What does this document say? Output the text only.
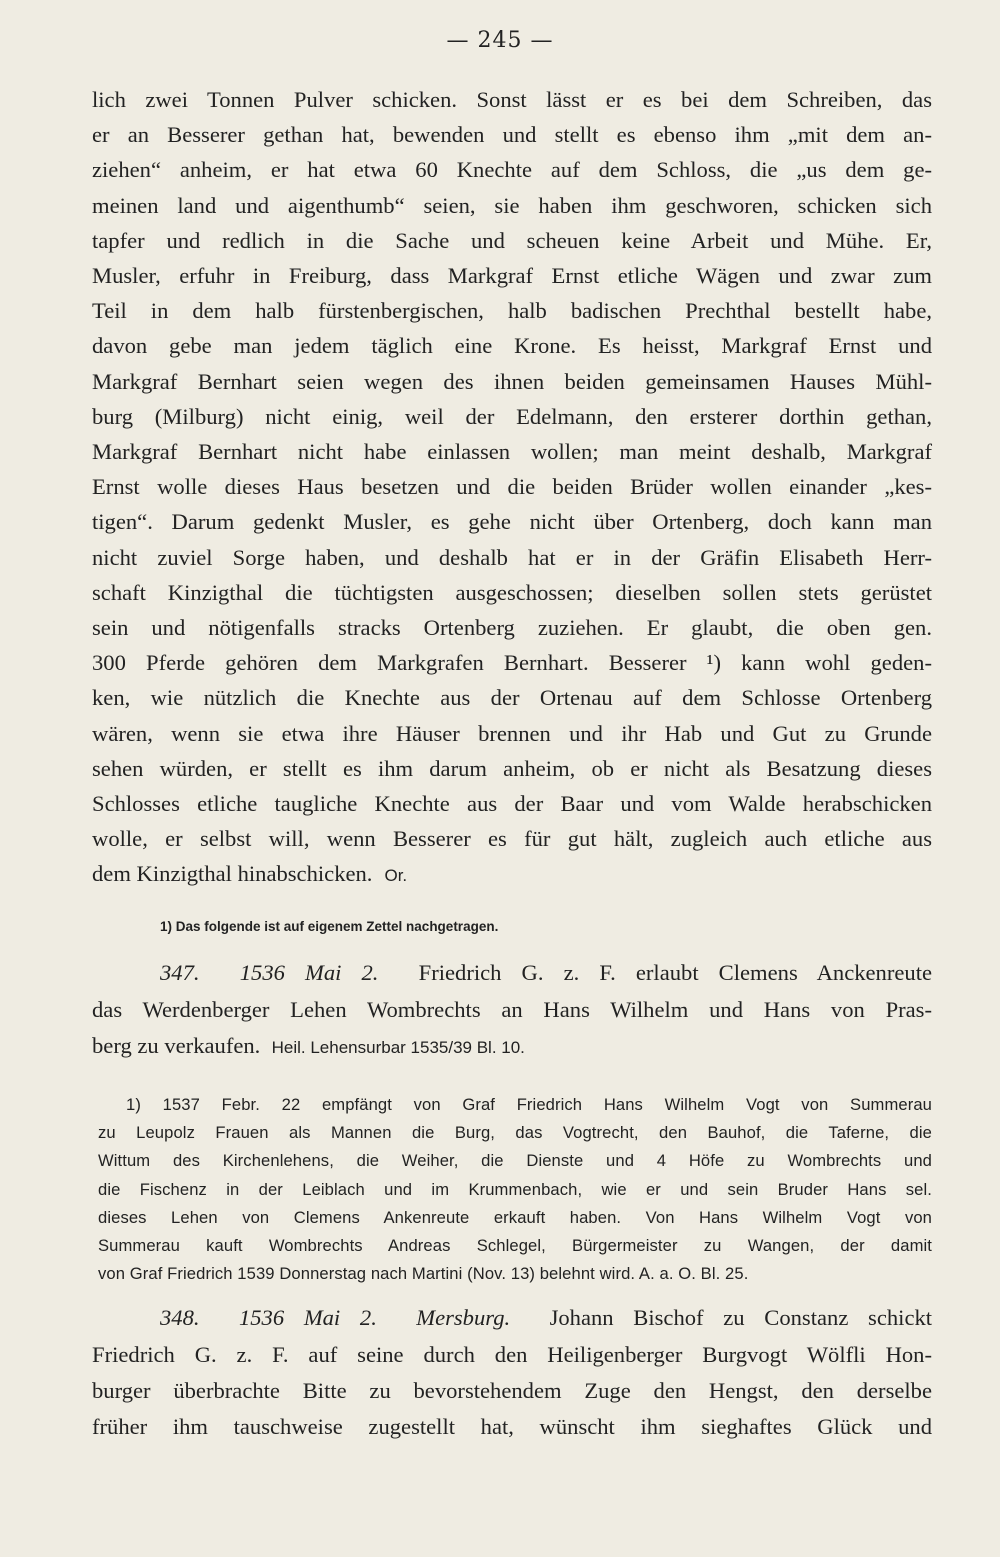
— 245 —
lich zwei Tonnen Pulver schicken. Sonst lässt er es bei dem Schreiben, das
er an Besserer gethan hat, bewenden und stellt es ebenso ihm „mit dem an-
ziehen“ anheim, er hat etwa 60 Knechte auf dem Schloss, die „us dem ge-
meinen land und aigenthumb“ seien, sie haben ihm geschworen, schicken sich
tapfer und redlich in die Sache und scheuen keine Arbeit und Mühe. Er,
Musler, erfuhr in Freiburg, dass Markgraf Ernst etliche Wägen und zwar zum
Teil in dem halb fürstenbergischen, halb badischen Prechthal bestellt habe,
davon gebe man jedem täglich eine Krone. Es heisst, Markgraf Ernst und
Markgraf Bernhart seien wegen des ihnen beiden gemeinsamen Hauses Mühl-
burg (Milburg) nicht einig, weil der Edelmann, den ersterer dorthin gethan,
Markgraf Bernhart nicht habe einlassen wollen; man meint deshalb, Markgraf
Ernst wolle dieses Haus besetzen und die beiden Brüder wollen einander „kes-
tigen“. Darum gedenkt Musler, es gehe nicht über Ortenberg, doch kann man
nicht zuviel Sorge haben, und deshalb hat er in der Gräfin Elisabeth Herr-
schaft Kinzigthal die tüchtigsten ausgeschossen; dieselben sollen stets gerüstet
sein und nötigenfalls stracks Ortenberg zuziehen. Er glaubt, die oben gen.
300 Pferde gehören dem Markgrafen Bernhart. Besserer ¹) kann wohl geden-
ken, wie nützlich die Knechte aus der Ortenau auf dem Schlosse Ortenberg
wären, wenn sie etwa ihre Häuser brennen und ihr Hab und Gut zu Grunde
sehen würden, er stellt es ihm darum anheim, ob er nicht als Besatzung dieses
Schlosses etliche taugliche Knechte aus der Baar und vom Walde herabschicken
wolle, er selbst will, wenn Besserer es für gut hält, zugleich auch etliche aus
dem Kinzigthal hinabschicken. Or.
1) Das folgende ist auf eigenem Zettel nachgetragen.
347. 1536 Mai 2. Friedrich G. z. F. erlaubt Clemens Anckenreute
das Werdenberger Lehen Wombrechts an Hans Wilhelm und Hans von Pras-
berg zu verkaufen. Heil. Lehensurbar 1535/39 Bl. 10.
1) 1537 Febr. 22 empfängt von Graf Friedrich Hans Wilhelm Vogt von Summerau
zu Leupolz Frauen als Mannen die Burg, das Vogtrecht, den Bauhof, die Taferne, die
Wittum des Kirchenlehens, die Weiher, die Dienste und 4 Höfe zu Wombrechts und
die Fischenz in der Leiblach und im Krummenbach, wie er und sein Bruder Hans sel.
dieses Lehen von Clemens Ankenreute erkauft haben. Von Hans Wilhelm Vogt von
Summerau kauft Wombrechts Andreas Schlegel, Bürgermeister zu Wangen, der damit
von Graf Friedrich 1539 Donnerstag nach Martini (Nov. 13) belehnt wird. A. a. O. Bl. 25.
348. 1536 Mai 2. Mersburg. Johann Bischof zu Constanz schickt
Friedrich G. z. F. auf seine durch den Heiligenberger Burgvogt Wölfli Hon-
burger überbrachte Bitte zu bevorstehendem Zuge den Hengst, den derselbe
früher ihm tauschweise zugestellt hat, wünscht ihm sieghaftes Glück und
